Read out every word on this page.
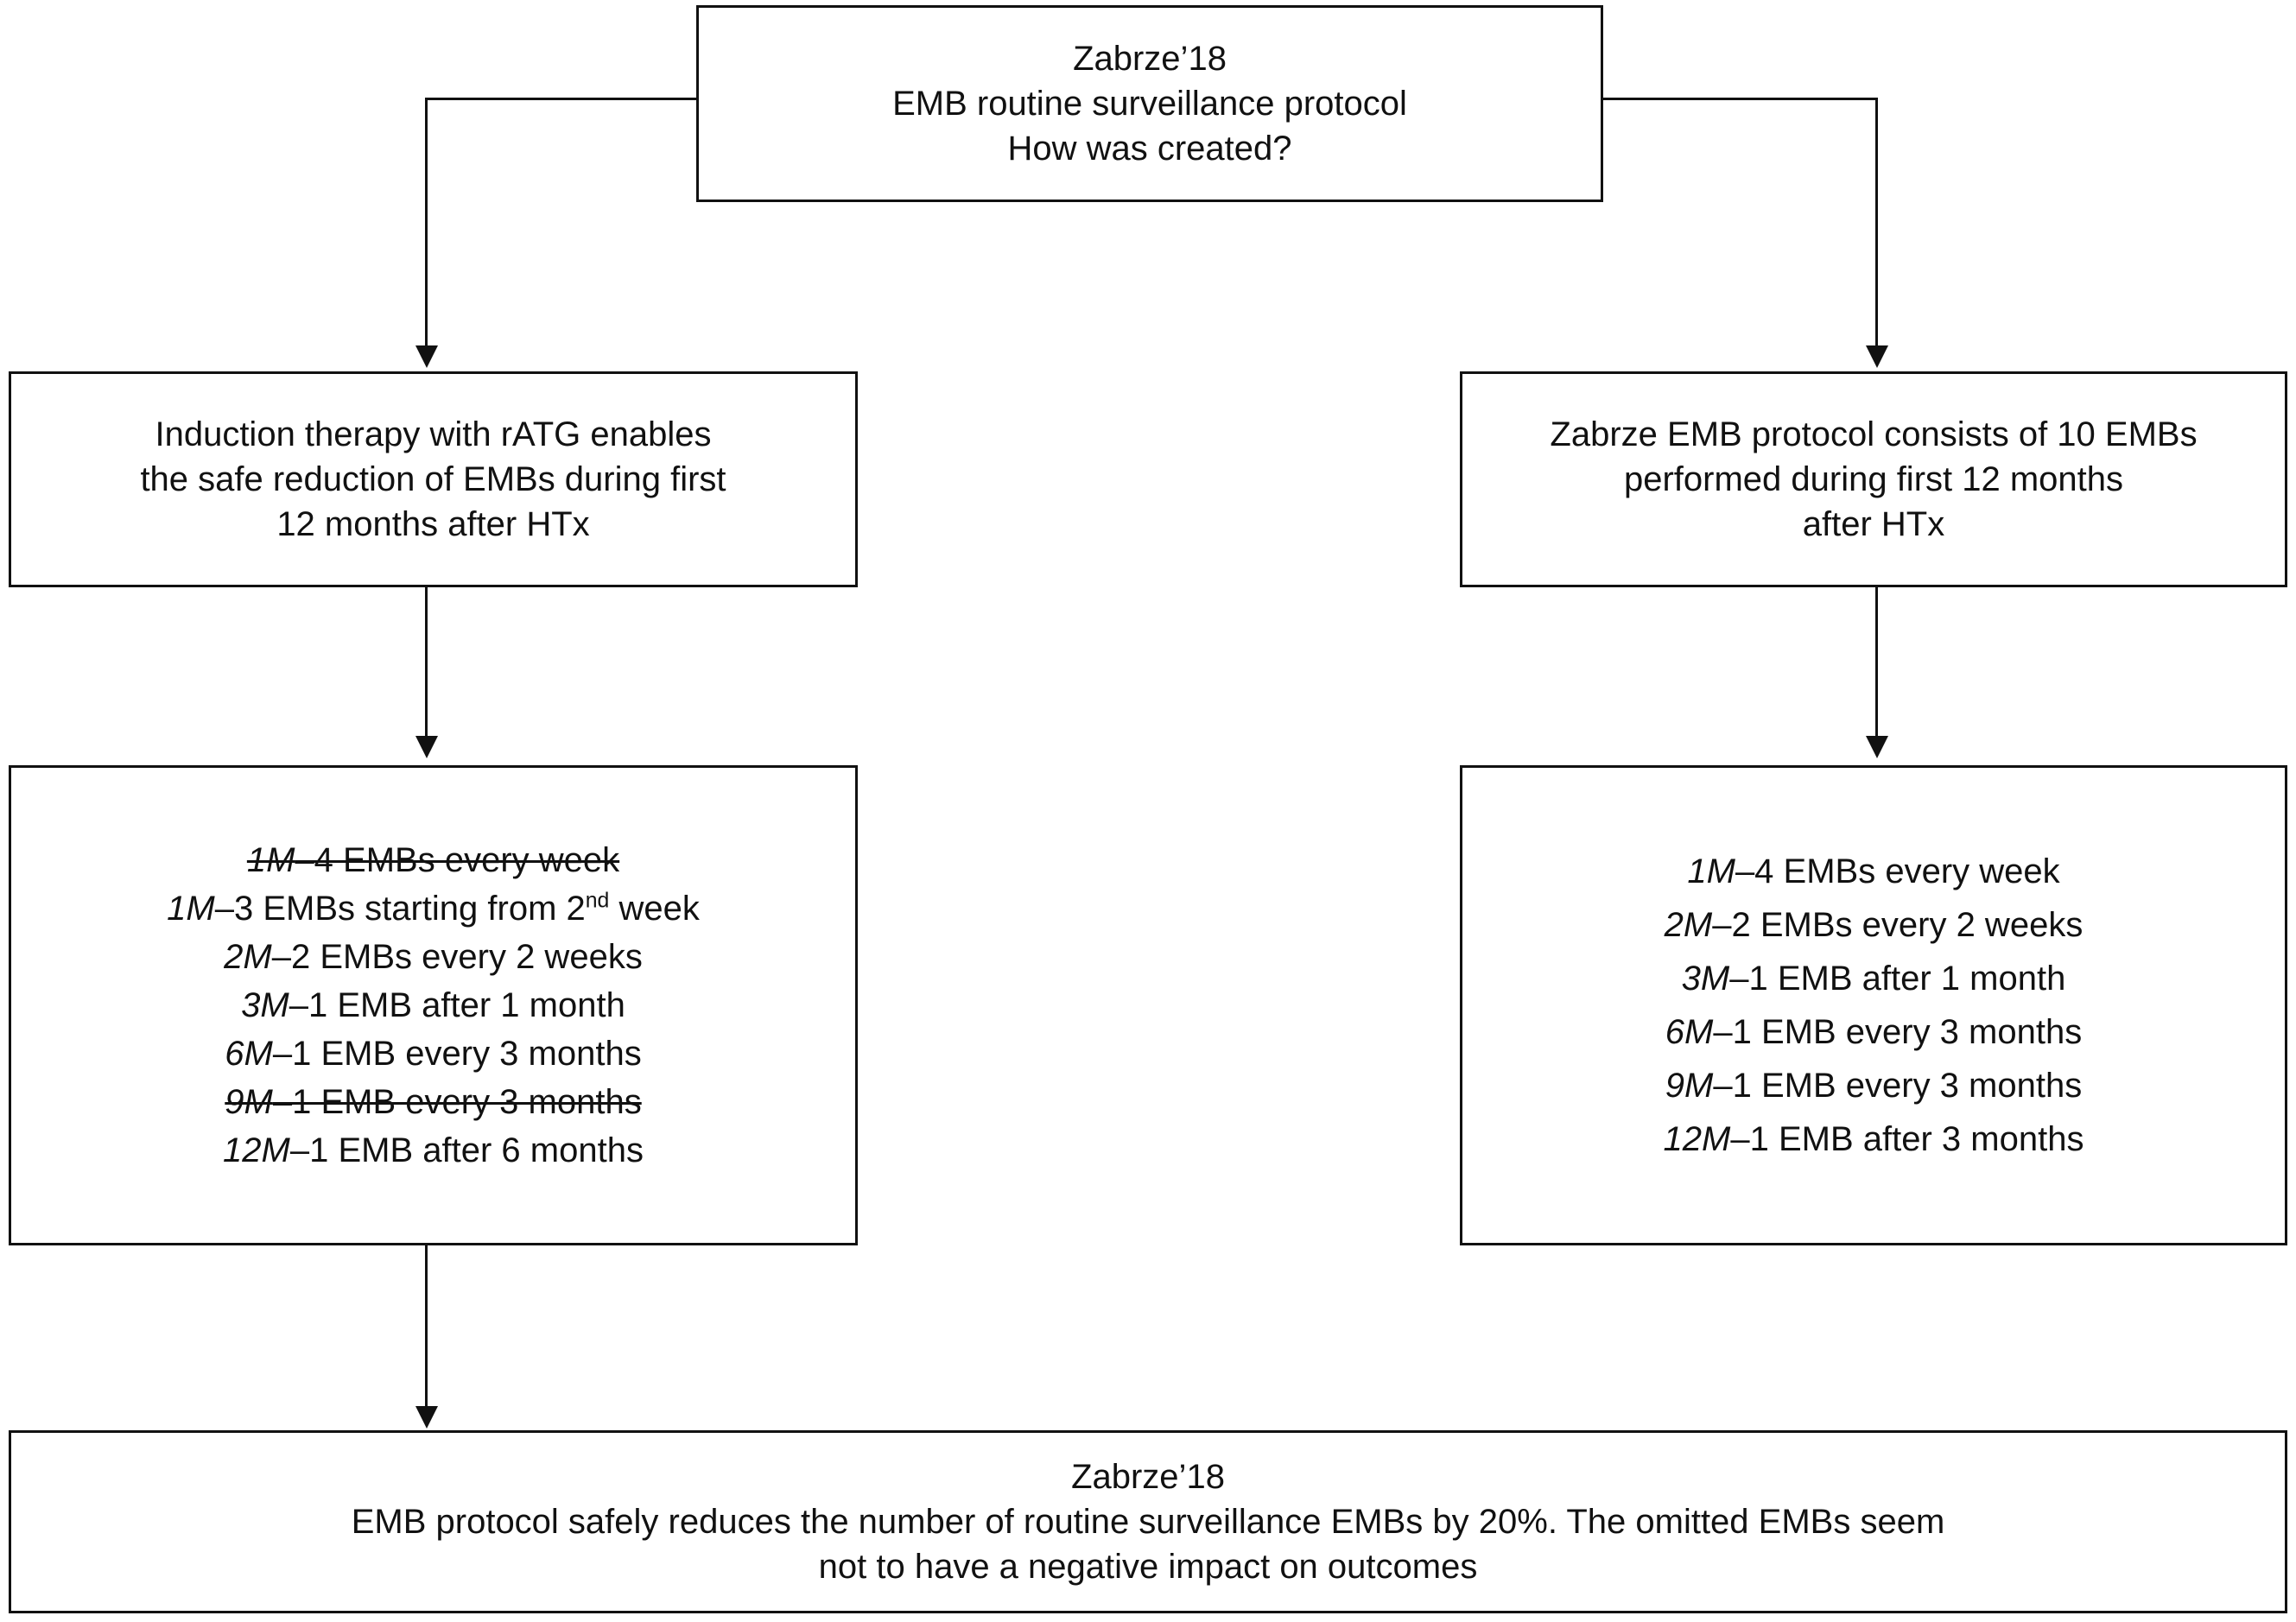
Zabrze’18
EMB routine surveillance protocol
How was created?
Induction therapy with rATG enables
the safe reduction of EMBs during first
12 months after HTx
Zabrze EMB protocol consists of 10 EMBs
performed during first 12 months
after HTx
1M–4 EMBs every week
1M–3 EMBs starting from 2nd week
2M–2 EMBs every 2 weeks
3M–1 EMB after 1 month
6M–1 EMB every 3 months
9M–1 EMB every 3 months
12M–1 EMB after 6 months
1M–4 EMBs every week
2M–2 EMBs every 2 weeks
3M–1 EMB after 1 month
6M–1 EMB every 3 months
9M–1 EMB every 3 months
12M–1 EMB after 3 months
Zabrze’18
EMB protocol safely reduces the number of routine surveillance EMBs by 20%. The omitted EMBs seem
not to have a negative impact on outcomes
